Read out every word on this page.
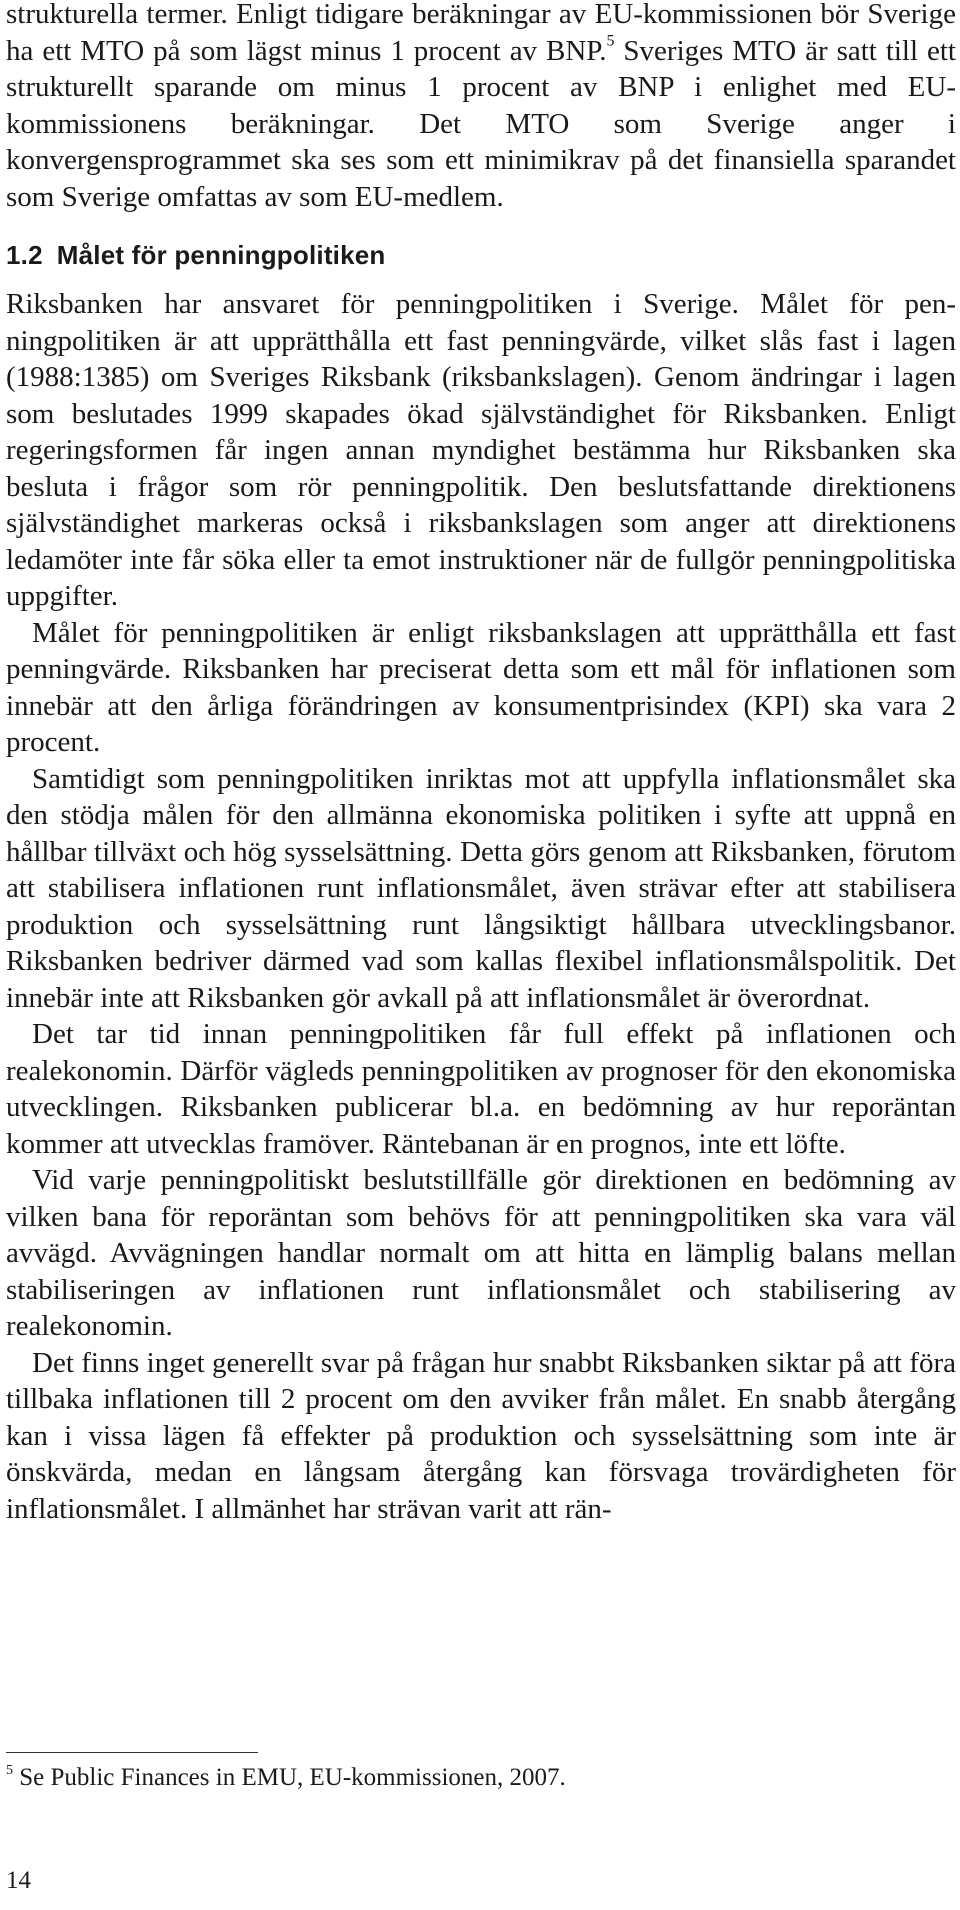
strukturella termer. Enligt tidigare beräkningar av EU-kommissionen bör Sverige ha ett MTO på som lägst minus 1 procent av BNP.$^5$ Sveriges MTO är satt till ett strukturellt sparande om minus 1 procent av BNP i enlighet med EU-kommissionens beräkningar. Det MTO som Sverige anger i konvergensprogrammet ska ses som ett minimikrav på det finansiella sparandet som Sverige omfattas av som EU-medlem.

1.2 Målet för penningpolitiken

Riksbanken har ansvaret för penningpolitiken i Sverige. Målet för penningpolitiken är att upprätthålla ett fast penningvärde, vilket slås fast i lagen (1988:1385) om Sveriges Riksbank (riksbankslagen). Genom ändringar i lagen som beslutades 1999 skapades ökad självständighet för Riksbanken. Enligt regeringsformen får ingen annan myndighet bestämma hur Riksbanken ska besluta i frågor som rör penningpolitik. Den beslutsfattande direktionens självständighet markeras också i riksbankslagen som anger att direktionens ledamöter inte får söka eller ta emot instruktioner när de fullgör penningpolitiska uppgifter.

Målet för penningpolitiken är enligt riksbankslagen att upprätthålla ett fast penningvärde. Riksbanken har preciserat detta som ett mål för inflationen som innebär att den årliga förändringen av konsumentprisindex (KPI) ska vara 2 procent.

Samtidigt som penningpolitiken inriktas mot att uppfylla inflationsmålet ska den stödja målen för den allmänna ekonomiska politiken i syfte att uppnå en hållbar tillväxt och hög sysselsättning. Detta görs genom att Riksbanken, förutom att stabilisera inflationen runt inflationsmålet, även strävar efter att stabilisera produktion och sysselsättning runt långsiktigt hållbara utvecklingsbanor. Riksbanken bedriver därmed vad som kallas flexibel inflationsmålspolitik. Det innebär inte att Riksbanken gör avkall på att inflationsmålet är överordnat.

Det tar tid innan penningpolitiken får full effekt på inflationen och realekonomin. Därför vägleds penningpolitiken av prognoser för den ekonomiska utvecklingen. Riksbanken publicerar bl.a. en bedömning av hur reporäntan kommer att utvecklas framöver. Räntebanan är en prognos, inte ett löfte.

Vid varje penningpolitiskt beslutstillfälle gör direktionen en bedömning av vilken bana för reporäntan som behövs för att penningpolitiken ska vara väl avvägd. Avvägningen handlar normalt om att hitta en lämplig balans mellan stabiliseringen av inflationen runt inflationsmålet och stabilisering av realekonomin.

Det finns inget generellt svar på frågan hur snabbt Riksbanken siktar på att föra tillbaka inflationen till 2 procent om den avviker från målet. En snabb återgång kan i vissa lägen få effekter på produktion och sysselsättning som inte är önskvärda, medan en långsam återgång kan försvaga trovärdigheten för inflationsmålet. I allmänhet har strävan varit att rän-

$^5$ Se Public Finances in EMU, EU-kommissionen, 2007.
14
